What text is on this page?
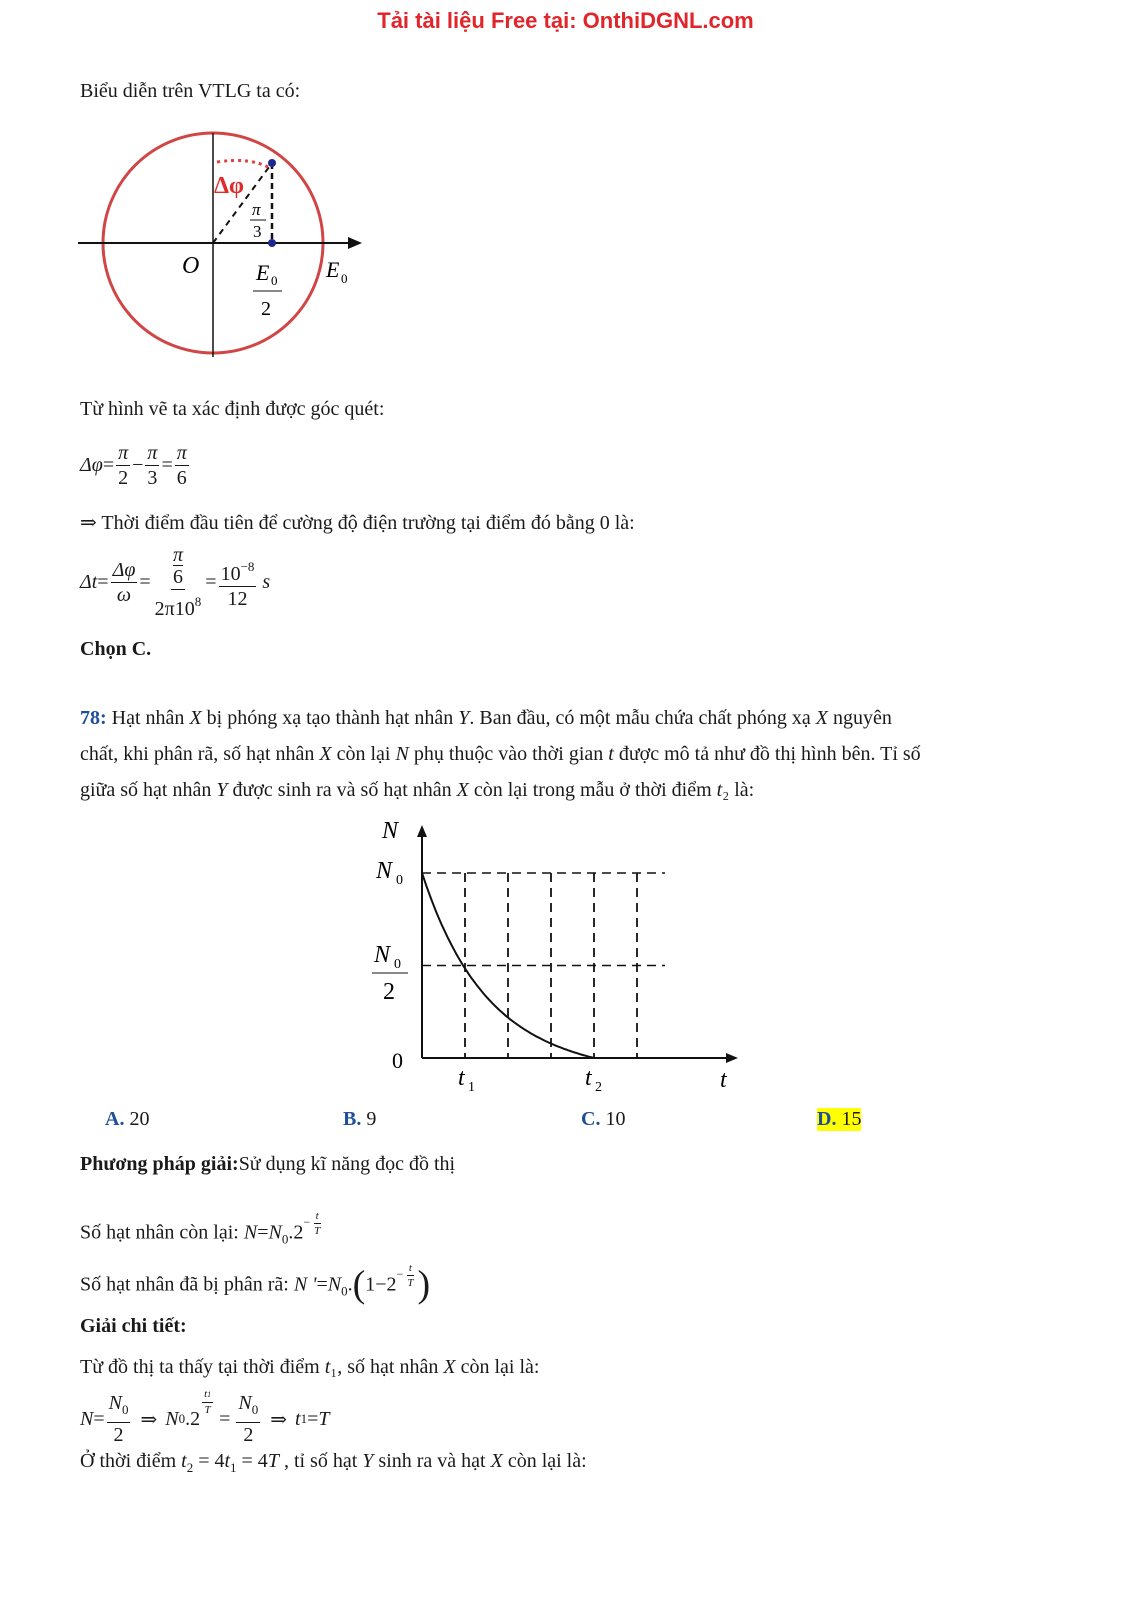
Tải tài liệu Free tại: OnthiDGNL.com
Biểu diễn trên VTLG ta có:
Δφ
π
3
O	E 0
2
E 0
Từ hình vẽ ta xác định được góc quét:
$\Delta\varphi = \frac{\pi}{2} - \frac{\pi}{3} = \frac{\pi}{6}$
⇒ Thời điểm đầu tiên để cường độ điện trường tại điểm đó bằng 0 là:
$\Delta t = \frac{\Delta\varphi}{\omega} = \pi$
6
$2\pi 10^8 = \frac{10^{-8}}{12}$ s
Chọn C.
78: Hạt nhân X bị phóng xạ tạo thành hạt nhân Y. Ban đầu, có một mẫu chứa chất phóng xạ X nguyên
chất, khi phân rã, số hạt nhân X còn lại N phụ thuộc vào thời gian t được mô tả như đồ thị hình bên. Tỉ số
giữa số hạt nhân Y được sinh ra và số hạt nhân X còn lại trong mẫu ở thời điểm t₂ là:
N
N 0
N 0
2
0
t 1	t 2	t
A. 20	B. 9	C. 10	D. 15
Phương pháp giải:Sử dụng kĩ năng đọc đồ thị
Số hạt nhân còn lại: $N=N_0.2^{- \frac{t}{T}}$
Số hạt nhân đã bị phân rã: N '$=N_0.(1-2^{- \frac{t}{T}}$ )
Giải chi tiết:
Từ đồ thị ta thấy tại thời điểm t₁, số hạt nhân X còn lại là:
$N = \frac{N_0}{2}$ ⇒ N 0 .2
$\frac{t1}{T}$
= $\frac{N_0}{2}$ ⇒ t 1 = T
Ở thời điểm $t_2 = 4t_1 = 4T$ , tỉ số hạt Y sinh ra và hạt X còn lại là:
